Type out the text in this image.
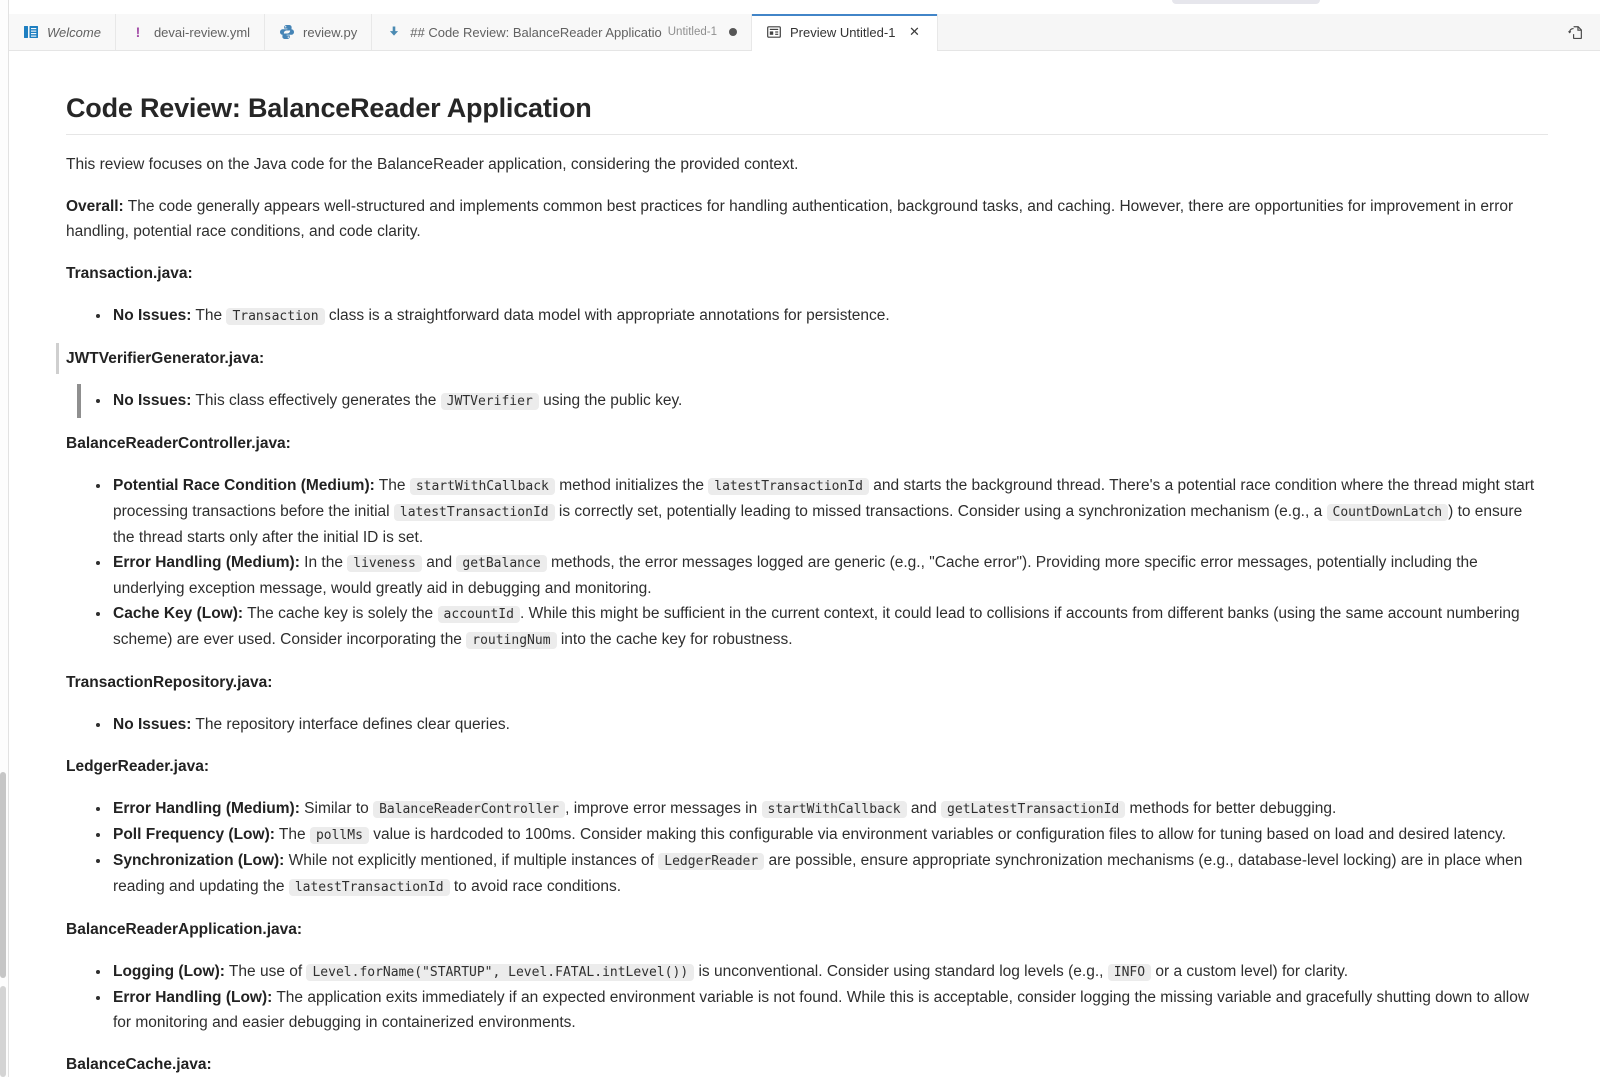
Welcome ! devai-review.yml	review.py	## Code Review: BalanceReader Applicatio Untitled-1	Preview Untitled-1 ✕
Code Review: BalanceReader Application

This review focuses on the Java code for the BalanceReader application, considering the provided context.

Overall: The code generally appears well-structured and implements common best practices for handling authentication, background tasks, and caching. However, there are opportunities for improvement in error handling, potential race conditions, and code clarity.

Transaction.java:

• No Issues: The Transaction class is a straightforward data model with appropriate annotations for persistence.

JWTVerifierGenerator.java:

• No Issues: This class effectively generates the JWTVerifier using the public key.

BalanceReaderController.java:

• Potential Race Condition (Medium): The startWithCallback method initializes the latestTransactionId and starts the background thread. There's a potential race condition where the thread might start processing transactions before the initial latestTransactionId is correctly set, potentially leading to missed transactions. Consider using a synchronization mechanism (e.g., a CountDownLatch ) to ensure the thread starts only after the initial ID is set.
• Error Handling (Medium): In the liveness and getBalance methods, the error messages logged are generic (e.g., "Cache error"). Providing more specific error messages, potentially including the underlying exception message, would greatly aid in debugging and monitoring.
• Cache Key (Low): The cache key is solely the accountId . While this might be sufficient in the current context, it could lead to collisions if accounts from different banks (using the same account numbering scheme) are ever used. Consider incorporating the routingNum into the cache key for robustness.

TransactionRepository.java:

• No Issues: The repository interface defines clear queries.

LedgerReader.java:

• Error Handling (Medium): Similar to BalanceReaderController , improve error messages in startWithCallback and getLatestTransactionId methods for better debugging.
• Poll Frequency (Low): The pollMs value is hardcoded to 100ms. Consider making this configurable via environment variables or configuration files to allow for tuning based on load and desired latency.
• Synchronization (Low): While not explicitly mentioned, if multiple instances of LedgerReader are possible, ensure appropriate synchronization mechanisms (e.g., database-level locking) are in place when reading and updating the latestTransactionId to avoid race conditions.

BalanceReaderApplication.java:

• Logging (Low): The use of Level.forName("STARTUP", Level.FATAL.intLevel()) is unconventional. Consider using standard log levels (e.g., INFO or a custom level) for clarity.
• Error Handling (Low): The application exits immediately if an expected environment variable is not found. While this is acceptable, consider logging the missing variable and gracefully shutting down to allow for monitoring and easier debugging in containerized environments.

BalanceCache.java:
